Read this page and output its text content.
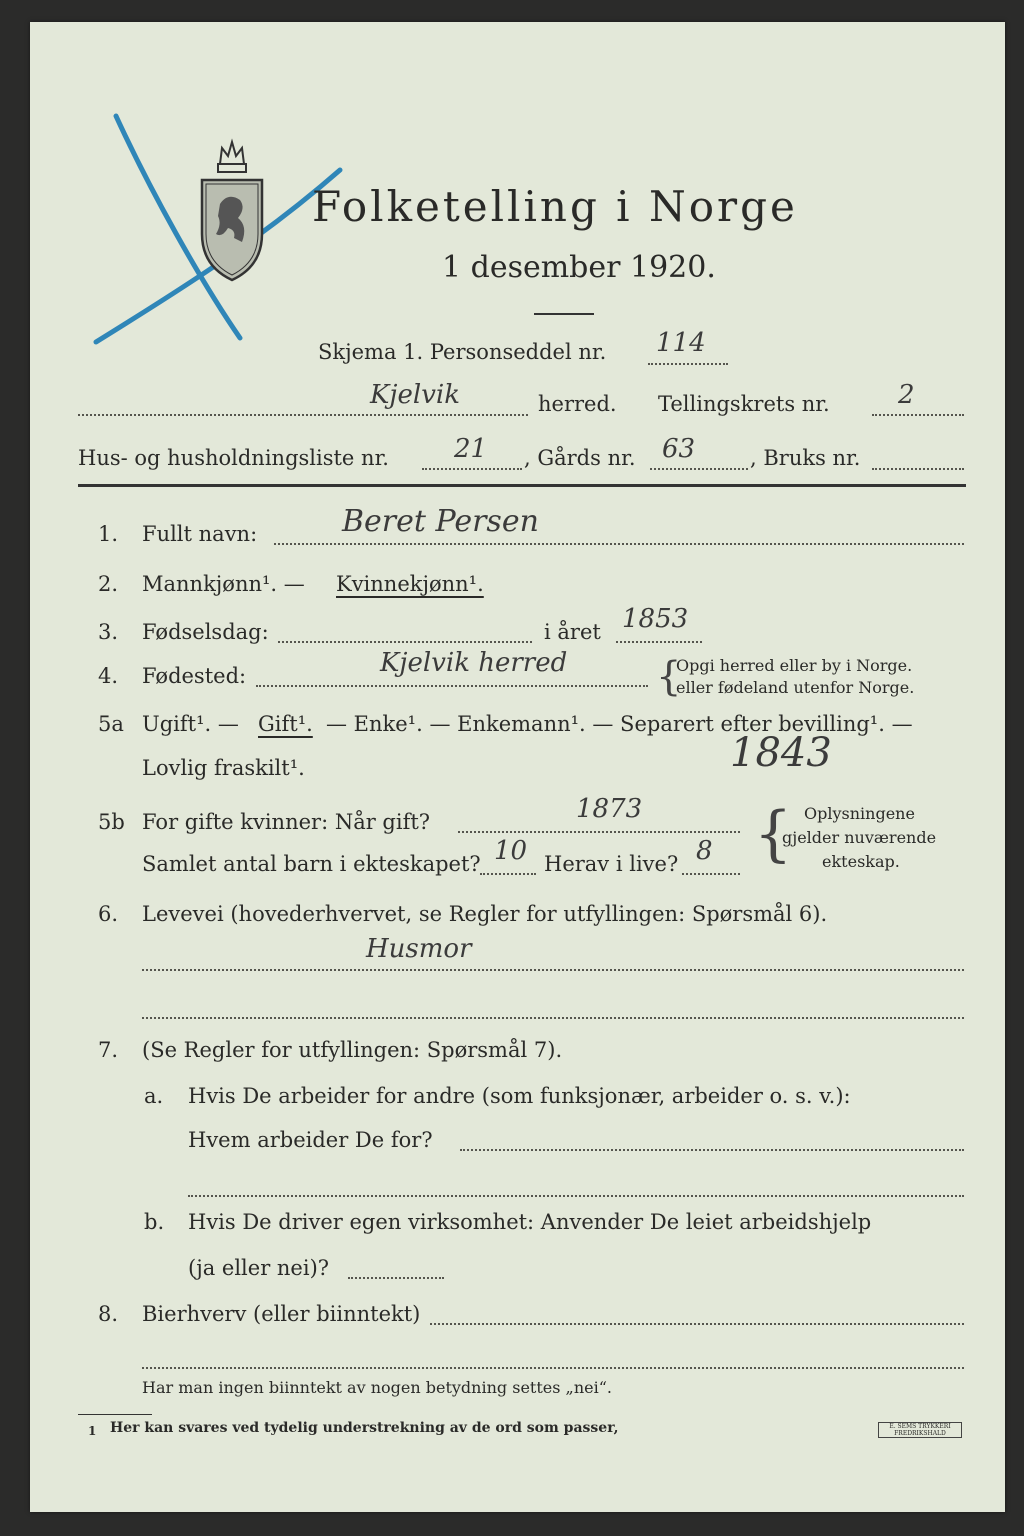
Folketelling i Norge
1 desember 1920.
Skjema 1. Personseddel nr. 114
Kjelvik	herred. Tellingskrets nr.	2
Hus- og husholdningsliste nr.	21 , Gårds nr. 63	, Bruks nr.
1. Fullt navn:	Beret Persen
2. Mannkjønn¹. — Kvinnekjønn¹.
3. Fødselsdag:	i året 1853
4. Fødested:	Kjelvik herred {
Opgi herred eller by i Norge.
eller fødeland utenfor Norge.
5a Ugift¹. — Gift¹. — Enke¹. — Enkemann¹. — Separert efter bevilling¹. —
Lovlig fraskilt¹.	1843
5b For gifte kvinner: Når gift?	1873
Samlet antal barn i ekteskapet? 10 Herav i live? 8 { Oplysningene
gjelder nuværende
ekteskap.
6. Levevei (hovederhvervet, se Regler for utfyllingen: Spørsmål 6).
Husmor
7. (Se Regler for utfyllingen: Spørsmål 7).
a. Hvis De arbeider for andre (som funksjonær, arbeider o. s. v.):
Hvem arbeider De for?
b. Hvis De driver egen virksomhet: Anvender De leiet arbeidshjelp
(ja eller nei)?
8. Bierhverv (eller biinntekt)
Har man ingen biinntekt av nogen betydning settes „nei“.
1 Her kan svares ved tydelig understrekning av de ord som passer,	E. SEMS TRYKKERI FREDRIKSHALD
